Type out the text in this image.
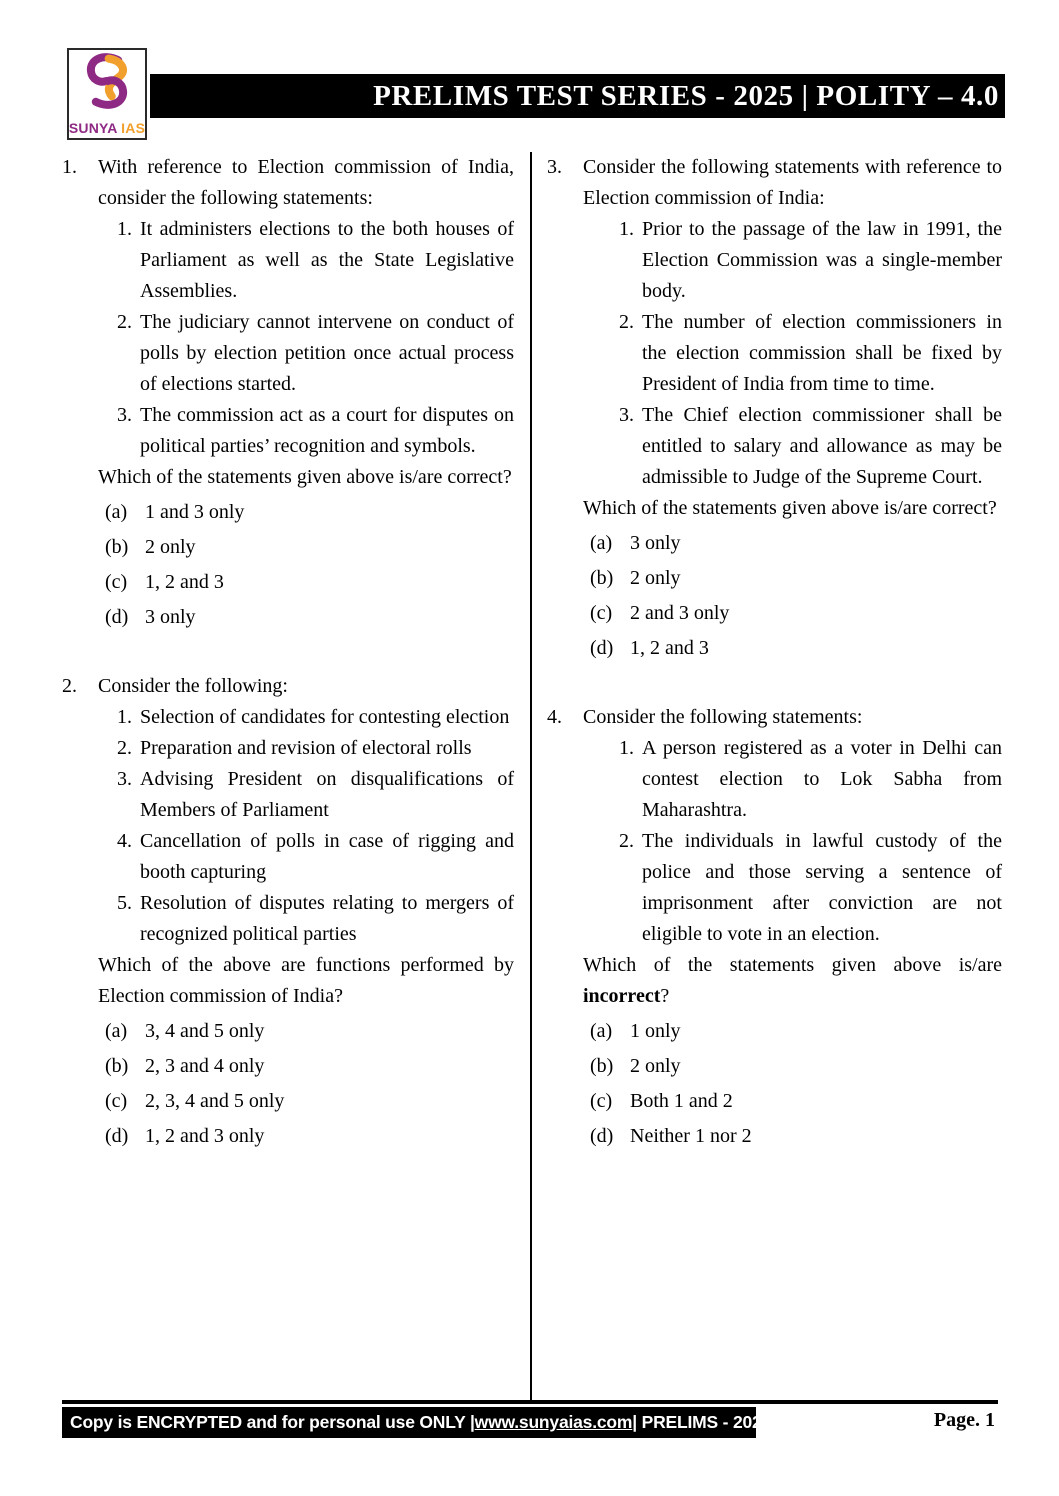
SUNYA IAS
PRELIMS TEST SERIES - 2025 | POLITY – 4.0
1.	With reference to Election commission of India, consider the following statements:
1. It administers elections to the both houses of Parliament as well as the State Legislative Assemblies.
2. The judiciary cannot intervene on conduct of polls by election petition once actual process of elections started.
3. The commission act as a court for disputes on political parties’ recognition and symbols.
Which of the statements given above is/are correct?
(a) 1 and 3 only
(b) 2 only
(c) 1, 2 and 3
(d) 3 only
2.	Consider the following:
1. Selection of candidates for contesting election
2. Preparation and revision of electoral rolls
3. Advising President on disqualifications of Members of Parliament
4. Cancellation of polls in case of rigging and booth capturing
5. Resolution of disputes relating to mergers of recognized political parties
Which of the above are functions performed by Election commission of India?
(a) 3, 4 and 5 only
(b) 2, 3 and 4 only
(c) 2, 3, 4 and 5 only
(d) 1, 2 and 3 only
3.	Consider the following statements with reference to Election commission of India:
1. Prior to the passage of the law in 1991, the Election Commission was a single-member body.
2. The number of election commissioners in the election commission shall be fixed by President of India from time to time.
3. The Chief election commissioner shall be entitled to salary and allowance as may be admissible to Judge of the Supreme Court.
Which of the statements given above is/are correct?
(a) 3 only
(b) 2 only
(c) 2 and 3 only
(d) 1, 2 and 3
4.	Consider the following statements:
1. A person registered as a voter in Delhi can contest election to Lok Sabha from Maharashtra.
2. The individuals in lawful custody of the police and those serving a sentence of imprisonment after conviction are not eligible to vote in an election.
Which of the statements given above is/are incorrect?
(a) 1 only
(b) 2 only
(c) Both 1 and 2
(d) Neither 1 nor 2
Copy is ENCRYPTED and for personal use ONLY | www.sunyaias.com | PRELIMS - 2025	Page. 1
